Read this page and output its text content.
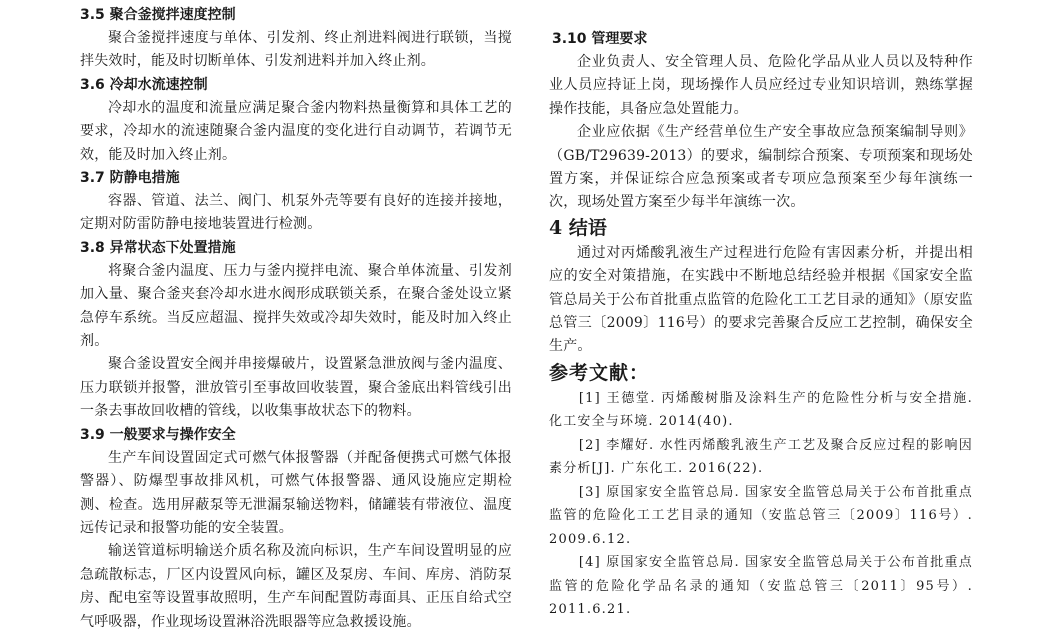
3.5 聚合釜搅拌速度控制

聚合釜搅拌速度与单体、引发剂、终止剂进料阀进行联锁，当搅拌失效时，能及时切断单体、引发剂进料并加入终止剂。

3.6 冷却水流速控制

冷却水的温度和流量应满足聚合釜内物料热量衡算和具体工艺的要求，冷却水的流速随聚合釜内温度的变化进行自动调节，若调节无效，能及时加入终止剂。

3.7 防静电措施

容器、管道、法兰、阀门、机泵外壳等要有良好的连接并接地，定期对防雷防静电接地装置进行检测。

3.8 异常状态下处置措施

将聚合釜内温度、压力与釜内搅拌电流、聚合单体流量、引发剂加入量、聚合釜夹套冷却水进水阀形成联锁关系，在聚合釜处设立紧急停车系统。当反应超温、搅拌失效或冷却失效时，能及时加入终止剂。

聚合釜设置安全阀并串接爆破片，设置紧急泄放阀与釜内温度、压力联锁并报警，泄放管引至事故回收装置，聚合釜底出料管线引出一条去事故回收槽的管线，以收集事故状态下的物料。

3.9 一般要求与操作安全

生产车间设置固定式可燃气体报警器（并配备便携式可燃气体报警器）、防爆型事故排风机，可燃气体报警器、通风设施应定期检测、检查。选用屏蔽泵等无泄漏泵输送物料，储罐装有带液位、温度远传记录和报警功能的安全装置。

输送管道标明输送介质名称及流向标识，生产车间设置明显的应急疏散标志，厂区内设置风向标，罐区及泵房、车间、库房、消防泵房、配电室等设置事故照明，生产车间配置防毒面具、正压自给式空气呼吸器，作业现场设置淋浴洗眼器等应急救援设施。

3.10 管理要求

企业负责人、安全管理人员、危险化学品从业人员以及特种作业人员应持证上岗，现场操作人员应经过专业知识培训，熟练掌握操作技能，具备应急处置能力。

企业应依据《生产经营单位生产安全事故应急预案编制导则》（GB/T29639-2013）的要求，编制综合预案、专项预案和现场处置方案，并保证综合应急预案或者专项应急预案至少每年演练一次，现场处置方案至少每半年演练一次。

4 结语

通过对丙烯酸乳液生产过程进行危险有害因素分析，并提出相应的安全对策措施，在实践中不断地总结经验并根据《国家安全监管总局关于公布首批重点监管的危险化工工艺目录的通知》（原安监总管三〔2009〕116号）的要求完善聚合反应工艺控制，确保安全生产。

参考文献：

[1] 王德堂. 丙烯酸树脂及涂料生产的危险性分析与安全措施. 化工安全与环境. 2014(40).

[2] 李耀好. 水性丙烯酸乳液生产工艺及聚合反应过程的影响因素分析[J]. 广东化工. 2016(22).

[3] 原国家安全监管总局. 国家安全监管总局关于公布首批重点监管的危险化工工艺目录的通知（安监总管三〔2009〕116号）. 2009.6.12.

[4] 原国家安全监管总局. 国家安全监管总局关于公布首批重点监管的危险化学品名录的通知（安监总管三〔2011〕95号）. 2011.6.21.
